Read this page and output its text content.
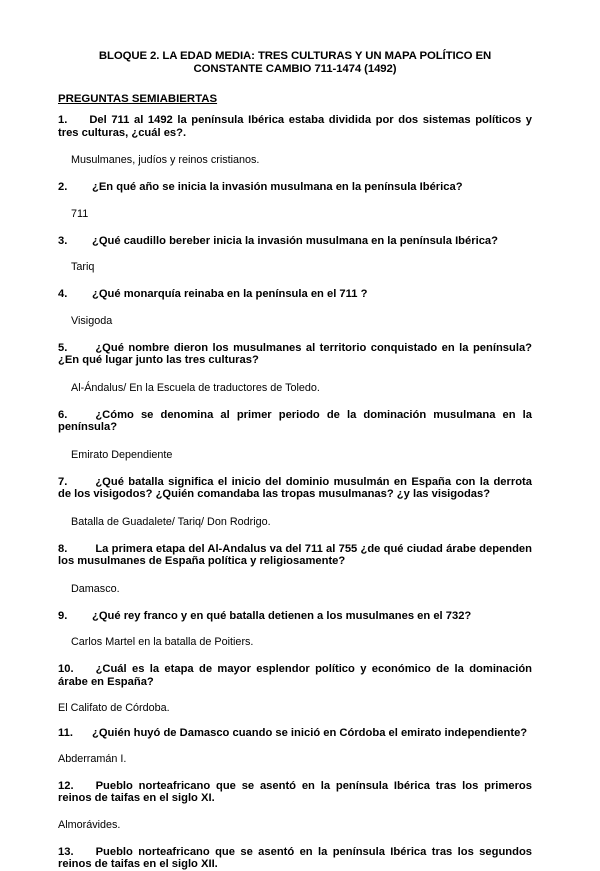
BLOQUE 2. LA EDAD MEDIA: TRES CULTURAS Y UN MAPA POLÍTICO EN
CONSTANTE CAMBIO 711-1474 (1492)
PREGUNTAS SEMIABIERTAS
1. Del 711 al 1492 la península Ibérica estaba dividida por dos sistemas políticos y tres culturas, ¿cuál es?.
Musulmanes, judíos y reinos cristianos.
2.	¿En qué año se inicia la invasión musulmana en la península Ibérica?
711
3.	¿Qué caudillo bereber inicia la invasión musulmana en la península Ibérica?
Tariq
4.	¿Qué monarquía reinaba en la península en el 711 ?
Visigoda
5.	¿Qué nombre dieron los musulmanes al territorio conquistado en la península? ¿En qué lugar junto las tres culturas?
Al-Ándalus/ En la Escuela de traductores de Toledo.
6.	¿Cómo se denomina al primer periodo de la dominación musulmana en la península?
Emirato Dependiente
7.	¿Qué batalla significa el inicio del dominio musulmán en España con la derrota de los visigodos? ¿Quién comandaba las tropas musulmanas? ¿y las visigodas?
Batalla de Guadalete/ Tariq/ Don Rodrigo.
8.	La primera etapa del Al-Andalus va del 711 al 755 ¿de qué ciudad árabe dependen los musulmanes de España política y religiosamente?
Damasco.
9.	¿Qué rey franco y en qué batalla detienen a los musulmanes en el 732?
Carlos Martel en la batalla de Poitiers.
10. ¿Cuál es la etapa de mayor esplendor político y económico de la dominación árabe en España?
El Califato de Córdoba.
11.	¿Quién huyó de Damasco cuando se inició en Córdoba el emirato independiente?
Abderramán I.
12. Pueblo norteafricano que se asentó en la península Ibérica tras los primeros reinos de taifas en el siglo XI.
Almorávides.
13. Pueblo norteafricano que se asentó en la península Ibérica tras los segundos reinos de taifas en el siglo XII.
